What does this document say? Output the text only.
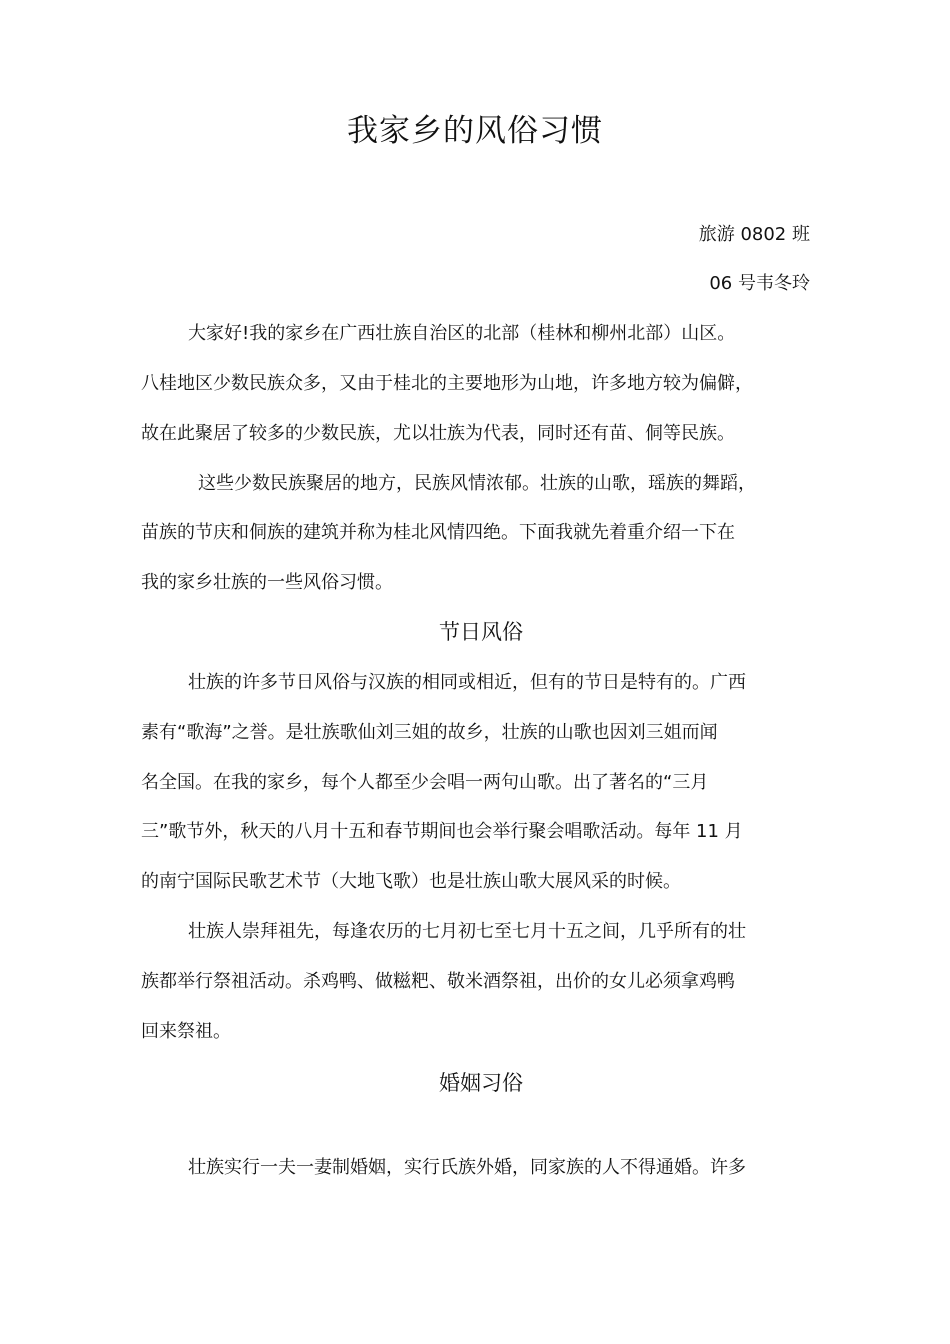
我家乡的风俗习惯
旅游 0802 班
06 号韦冬玲
大家好!我的家乡在广西壮族自治区的北部（桂林和柳州北部）山区。
八桂地区少数民族众多，又由于桂北的主要地形为山地，许多地方较为偏僻，
故在此聚居了较多的少数民族，尤以壮族为代表，同时还有苗、侗等民族。
这些少数民族聚居的地方，民族风情浓郁。壮族的山歌，瑶族的舞蹈，
苗族的节庆和侗族的建筑并称为桂北风情四绝。下面我就先着重介绍一下在
我的家乡壮族的一些风俗习惯。
节日风俗
壮族的许多节日风俗与汉族的相同或相近，但有的节日是特有的。广西
素有“歌海”之誉。是壮族歌仙刘三姐的故乡，壮族的山歌也因刘三姐而闻
名全国。在我的家乡，每个人都至少会唱一两句山歌。出了著名的“三月
三”歌节外，秋天的八月十五和春节期间也会举行聚会唱歌活动。每年 11 月
的南宁国际民歌艺术节（大地飞歌）也是壮族山歌大展风采的时候。
壮族人崇拜祖先，每逢农历的七月初七至七月十五之间，几乎所有的壮
族都举行祭祖活动。杀鸡鸭、做糍粑、敬米酒祭祖，出价的女儿必须拿鸡鸭
回来祭祖。
婚姻习俗
壮族实行一夫一妻制婚姻，实行氏族外婚，同家族的人不得通婚。许多
